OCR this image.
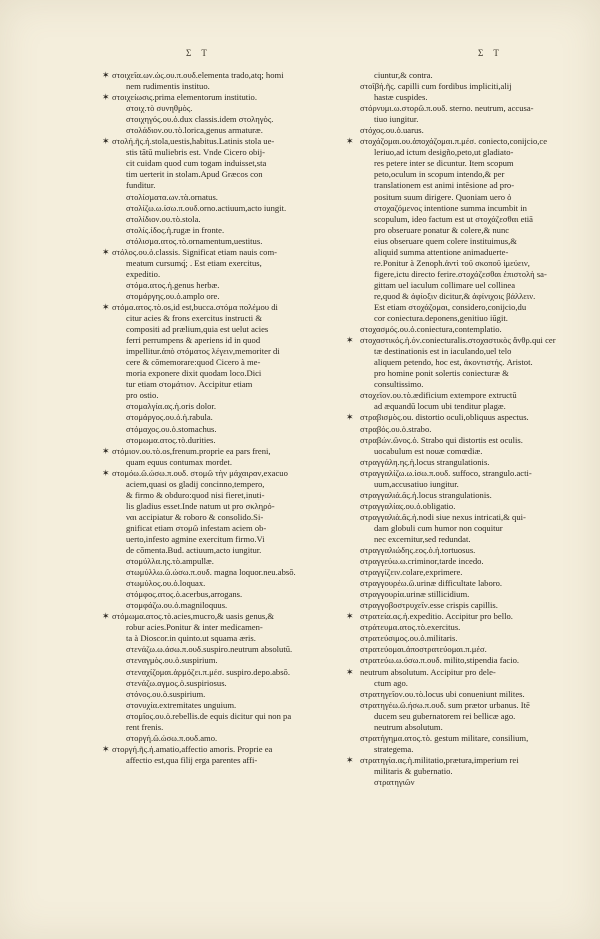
Σ Τ	Σ Τ
✶ στοιχεῖα.ων.ὡς.ου.π.ουδ.elementa trado,atq; homi
nem rudimentis instituo.
✶ στοιχείωσις.prima elementorum institutio.
στοιχ.τὸ συνηθμὸς.
στοιχηγός.ου.ὁ.dux classis.idem στοληγὸς.
στολάδιον.ου.τὸ.lorica,genus armaturæ.
✶ στολή.ῆς.ἡ.stola,uestis,habitus.Latinis stola ue-
stis tātū muliebris est. Vnde Cicero obij-
cit cuidam quod cum togam induisset,sta
tim uerterit in stolam.Apud Græcos con
funditur.
στολίσματα.ων.τὰ.ornatus.
στολίζω.ω.ίσω.π.ουδ.orno.actiuum,acto iungit.
στολίδιον.ου.τὸ.stola.
στολίς.ίδος.ἡ.rugæ in fronte.
στόλισμα.ατος.τὸ.ornamentum,uestitus.
✶ στόλος.ου.ὁ.classis. Significat etiam nauis com-
meatum cursumq́; . Est etiam exercitus,
expeditio.
στόμα.ατος.ἡ.genus herbæ.
στομάργης.ου.ὁ.amplo ore.
✶ στόμα.ατος.τὸ.os,id est,bucca.στόμα πολέμου di
citur acies & frons exercitus instructi &
compositi ad prælium,quia est uelut acies
ferri perrumpens & aperiens id in quod
impellitur.ἀπὸ στόματος λέγειν,memoriter di
cere & cōmemorare:quod Cicero à me-
moria exponere dixit quodam loco.Dici
tur etiam στομάτιον. Accipitur etiam
pro ostio.
στομαλγία.ας.ἡ.oris dolor.
στομάργος.ου.ὁ.ἡ.rabula.
στόμαχος.ου.ὁ.stomachus.
στομωμα.ατος.τὸ.durities.
✶ στόμιον.ου.τὸ.os,frenum.proprie ea pars freni,
quam equus contumax mordet.
✶ στομόω.ῶ.ώσω.π.ουδ. στομῶ τὴν μάχαιραν,exacuo
aciem,quasi os gladij concinno,tempero,
& firmo & obduro:quod nisi fieret,inuti-
lis gladius esset.Inde natum ut pro σκληρό-
ναι accipiatur & roboro & consolido.Si-
gnificat etiam στομῶ infestam aciem ob-
uerto,infesto agmine exercitum firmo.Vi
de cōmenta.Bud. actiuum,acto iungitur.
στομύλλα.ης.τὸ.ampullæ.
στωμύλλω.ῶ.ώσω.π.ουδ. magna loquor.neu.absō.
στωμύλος.ου.ὁ.loquax.
στόμφος.ατος.ὁ.acerbus,arrogans.
στομφάζω.ου.ὁ.magniloquus.
✶ στόμωμα.ατος.τὸ.acies,mucro,& uasis genus,&
robur acies.Ponitur & inter medicamen-
ta à Dioscor.in quinto.ut squama æris.
στενάζω.ω.άσω.π.ουδ.suspiro.neutrum absolutū.
στεναγμὸς.ου.ὁ.suspirium.
στεναχίζομαι.ἀρμόζει.π.μέσ. suspiro.depo.absō.
στενάζω.αγμος.ὁ.suspiriosus.
στόνος.ου.ὁ.suspirium.
στονυχία.extremitates unguium.
στομῖος.ου.ὁ.rebellis.de equis dicitur qui non pa
rent frenis.
στοργή.ῶ.ώσω.π.ουδ.amo.
✶ στοργή.ῆς.ἡ.amatio,affectio amoris. Proprie ea
affectio est,qua filij erga parentes affi-
ciuntur,& contra.
στοῖβή.ῆς. capilli cum fordibus impliciti,alij
hastæ cuspides.
στόρνυμι.ω.στορῶ.π.ουδ. sterno. neutrum, accusa-
tiuo iungitur.
στόχος.ου.ὁ.uarus.
✶ στοχάζομαι.ου.ἀποχάζομαι.π.μέσ. coniecto,conijcio,ce
leriuo,ad ictum desigño,peto,ut gladiato-
res petere inter se dicuntur. Item scopum
peto,oculum in scopum intendo,& per
translationem est animi intēsione ad pro-
positum suum dirigere. Quoniam uero ὁ
στοχαζόμενος intentione summa incumbit in
scopulum, ideo factum est ut στοχάζεσθαι etiā
pro obseruare ponatur & colere,& nunc
eius obseruare quem colere instituimus,&
aliquid summa attentione animaduerte-
re.Ponitur à Zenoph.ἀντὶ τοῦ σκοποῦ ἱμεύειν,
figere,ictu directo ferire.στοχάζεσθαι ἐπιστολὴ sa-
gittam uel iaculum collimare uel collinea
re,quod & ἀφίοξιν dicitur,& ἀφίνιχοις βάλλειν.
Est etiam στοχάζομαι, considero,conijcio,du
cor coniectura.deponens,genitiuo iūgit.
στοχασμός.ου.ὁ.coniectura,contemplatio.
✶ στοχαστικός.ἡ.όν.coniecturalis.στοχαστικὸς ἄνθρ.qui cer
tæ destinationis est in iaculando,uel telo
aliquem petendo, hoc est, ἀκοντιστής. Aristot.
pro homine ponit solertis coniecturæ &
consultissimo.
στοχεῖον.ου.τὸ.ædificium extempore extructū
ad æquandū locum ubi tenditur plagæ.
✶ στραβισμὸς.ou. distortio oculi,obliquus aspectus.
στραβός.ου.ὁ.strabo.
στραβών.ῶνος.ὁ. Strabo qui distortis est oculis.
uocabulum est nouæ comœdiæ.
στραγγάλη.ης.ἡ.locus strangulationis.
στραγγαλίζω.ω.ίσω.π.ουδ. suffoco, strangulo.acti-
uum,accusatiuo iungitur.
στραγγαλιά.ᾶς.ἡ.locus strangulationis.
στραγγαλίας.ου.ὁ.obligatio.
στραγγαλιὰ.ᾶς.ἡ.nodi siue nexus intricati,& qui-
dam globuli cum humor non coquitur
nec excernitur,sed redundat.
στραγγαλιώδης.εος.ὁ.ἡ.tortuosus.
στραγγεύω.ω.criminor,tarde incedo.
στραγγίζειν.colare,exprimere.
στραγγουρέω.ῶ.urinæ difficultate laboro.
στραγγουρία.urinæ stillicidium.
στραγγοβοστρυχεῖν.esse crispis capillis.
✶ στρατεία.ας.ἡ.expeditio. Accipitur pro bello.
στράτευμα.ατος.τὸ.exercitus.
στρατεύσιμος.ου.ὁ.militaris.
στρατεύομαι.ἀποστρατεύομαι.π.μέσ.
στρατεύω.ω.ύσω.π.ουδ. milito,stipendia facio.
✶ neutrum absolutum. Accipitur pro dele-
ctum ago.
στρατηγεῖον.ου.τὸ.locus ubi conueniunt milites.
στρατηγέω.ῶ.ήσω.π.ουδ. sum prætor urbanus. Itē
ducem seu gubernatorem rei bellicæ ago.
neutrum absolutum.
στρατήγημα.ατος.τὸ. gestum militare, consilium,
strategema.
✶ στρατηγία.ας.ἡ.militatio,prætura,imperium rei
militaris & gubernatio.
στρατηγιῶν
